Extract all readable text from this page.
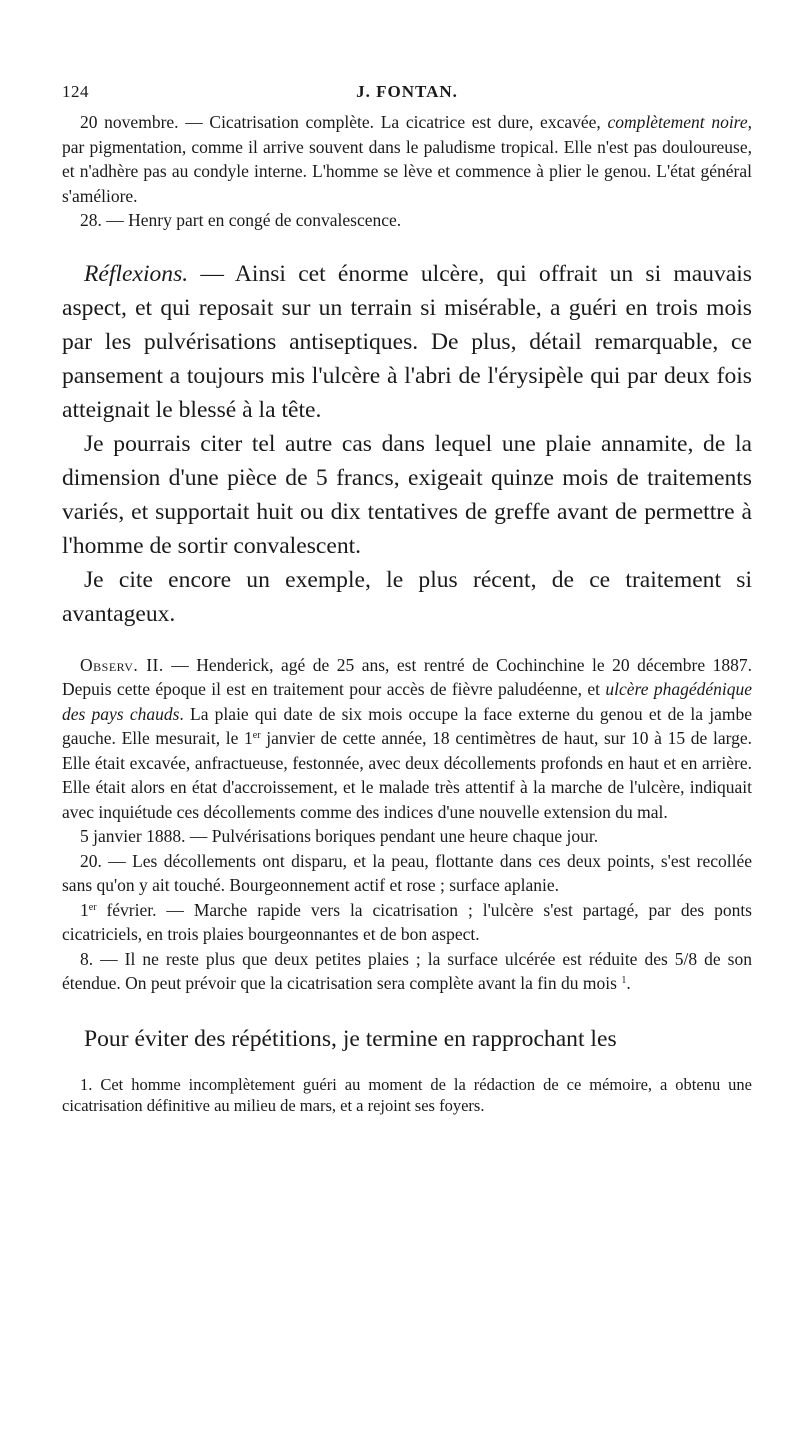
124	J. FONTAN.

20 novembre. — Cicatrisation complète. La cicatrice est dure, excavée, complètement noire, par pigmentation, comme il arrive souvent dans le paludisme tropical. Elle n'est pas douloureuse, et n'adhère pas au condyle interne. L'homme se lève et commence à plier le genou. L'état général s'améliore.

28. — Henry part en congé de convalescence.

Réflexions. — Ainsi cet énorme ulcère, qui offrait un si mauvais aspect, et qui reposait sur un terrain si misérable, a guéri en trois mois par les pulvérisations antiseptiques. De plus, détail remarquable, ce pansement a toujours mis l'ulcère à l'abri de l'érysipèle qui par deux fois atteignait le blessé à la tête.

Je pourrais citer tel autre cas dans lequel une plaie annamite, de la dimension d'une pièce de 5 francs, exigeait quinze mois de traitements variés, et supportait huit ou dix tentatives de greffe avant de permettre à l'homme de sortir convalescent.

Je cite encore un exemple, le plus récent, de ce traitement si avantageux.

Observ. II. — Henderick, agé de 25 ans, est rentré de Cochinchine le 20 décembre 1887. Depuis cette époque il est en traitement pour accès de fièvre paludéenne, et ulcère phagédénique des pays chauds. La plaie qui date de six mois occupe la face externe du genou et de la jambe gauche. Elle mesurait, le 1er janvier de cette année, 18 centimètres de haut, sur 10 à 15 de large. Elle était excavée, anfractueuse, festonnée, avec deux décollements profonds en haut et en arrière. Elle était alors en état d'accroissement, et le malade très attentif à la marche de l'ulcère, indiquait avec inquiétude ces décollements comme des indices d'une nouvelle extension du mal.

5 janvier 1888. — Pulvérisations boriques pendant une heure chaque jour.

20. — Les décollements ont disparu, et la peau, flottante dans ces deux points, s'est recollée sans qu'on y ait touché. Bourgeonnement actif et rose ; surface aplanie.

1er février. — Marche rapide vers la cicatrisation ; l'ulcère s'est partagé, par des ponts cicatriciels, en trois plaies bourgeonnantes et de bon aspect.

8. — Il ne reste plus que deux petites plaies ; la surface ulcérée est réduite des 5/8 de son étendue. On peut prévoir que la cicatrisation sera complète avant la fin du mois $^1$.

Pour éviter des répétitions, je termine en rapprochant les

1. Cet homme incomplètement guéri au moment de la rédaction de ce mémoire, a obtenu une cicatrisation définitive au milieu de mars, et a rejoint ses foyers.
